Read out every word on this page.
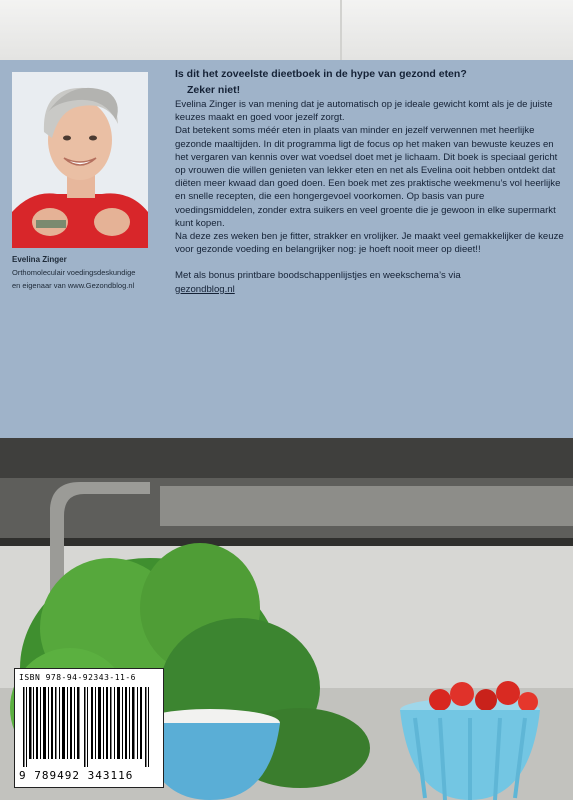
Evelina Zinger
Orthomoleculair voedingsdeskundige
en eigenaar van www.Gezondblog.nl

Is dit het zoveelste dieetboek in de hype van gezond eten?

Zeker niet!

Evelina Zinger is van mening dat je automatisch op je ideale gewicht komt als je de juiste keuzes maakt en goed voor jezelf zorgt.

Dat betekent soms méér eten in plaats van minder en jezelf verwennen met heerlijke gezonde maaltijden. In dit programma ligt de focus op het maken van bewuste keuzes en het vergaren van kennis over wat voedsel doet met je lichaam. Dit boek is speciaal gericht op vrouwen die willen genieten van lekker eten en net als Evelina ooit hebben ontdekt dat diëten meer kwaad dan goed doen. Een boek met zes praktische weekmenu’s vol heerlijke en snelle recepten, die een hongergevoel voorkomen. Op basis van pure voedingsmiddelen, zonder extra suikers en veel groente die je gewoon in elke supermarkt kunt kopen.

Na deze zes weken ben je fitter, strakker en vrolijker. Je maakt veel gemakkelijker de keuze voor gezonde voeding en belangrijker nog: je hoeft nooit meer op dieet!!

Met als bonus printbare boodschappenlijstjes en weekschema’s via

gezondblog.nl

ISBN 978-94-92343-11-6
9 789492 343116
